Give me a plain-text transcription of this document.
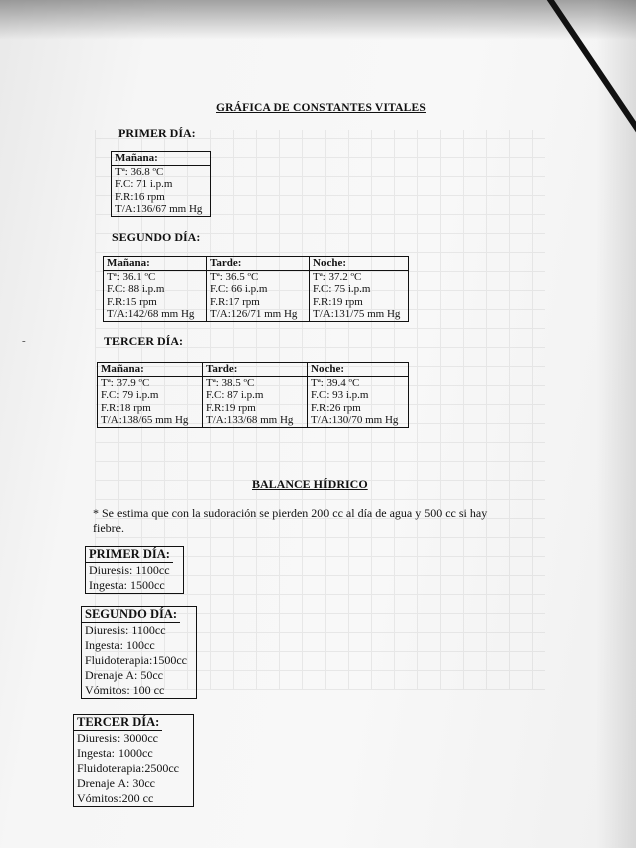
GRÁFICA DE CONSTANTES VITALES
PRIMER DÍA:
Mañana:
Tª: 36.8 ºC
F.C: 71 i.p.m
F.R:16 rpm
T/A:136/67 mm Hg
SEGUNDO DÍA:
Mañana:	Tarde:	Noche:
Tª: 36.1 ºC	Tª: 36.5 ºC	Tª: 37.2 ºC
F.C: 88 i.p.m	F.C: 66 i.p.m	F.C: 75 i.p.m
F.R:15 rpm	F.R:17 rpm	F.R:19 rpm
T/A:142/68 mm Hg	T/A:126/71 mm Hg	T/A:131/75 mm Hg
-	TERCER DÍA:
Mañana:	Tarde:	Noche:
Tª: 37.9 ºC	Tª: 38.5 ºC	Tª: 39.4 ºC
F.C: 79 i.p.m	F.C: 87 i.p.m	F.C: 93 i.p.m
F.R:18 rpm	F.R:19 rpm	F.R:26 rpm
T/A:138/65 mm Hg	T/A:133/68 mm Hg	T/A:130/70 mm Hg
BALANCE HÍDRICO
* Se estima que con la sudoración se pierden 200 cc al día de agua y 500 cc si hay fiebre.
PRIMER DÍA:
Diuresis: 1100cc
Ingesta: 1500cc
SEGUNDO DÍA:
Diuresis: 1100cc
Ingesta: 100cc
Fluidoterapia:1500cc
Drenaje A: 50cc
Vómitos: 100 cc
TERCER DÍA:
Diuresis: 3000cc
Ingesta: 1000cc
Fluidoterapia:2500cc
Drenaje A: 30cc
Vómitos:200 cc
